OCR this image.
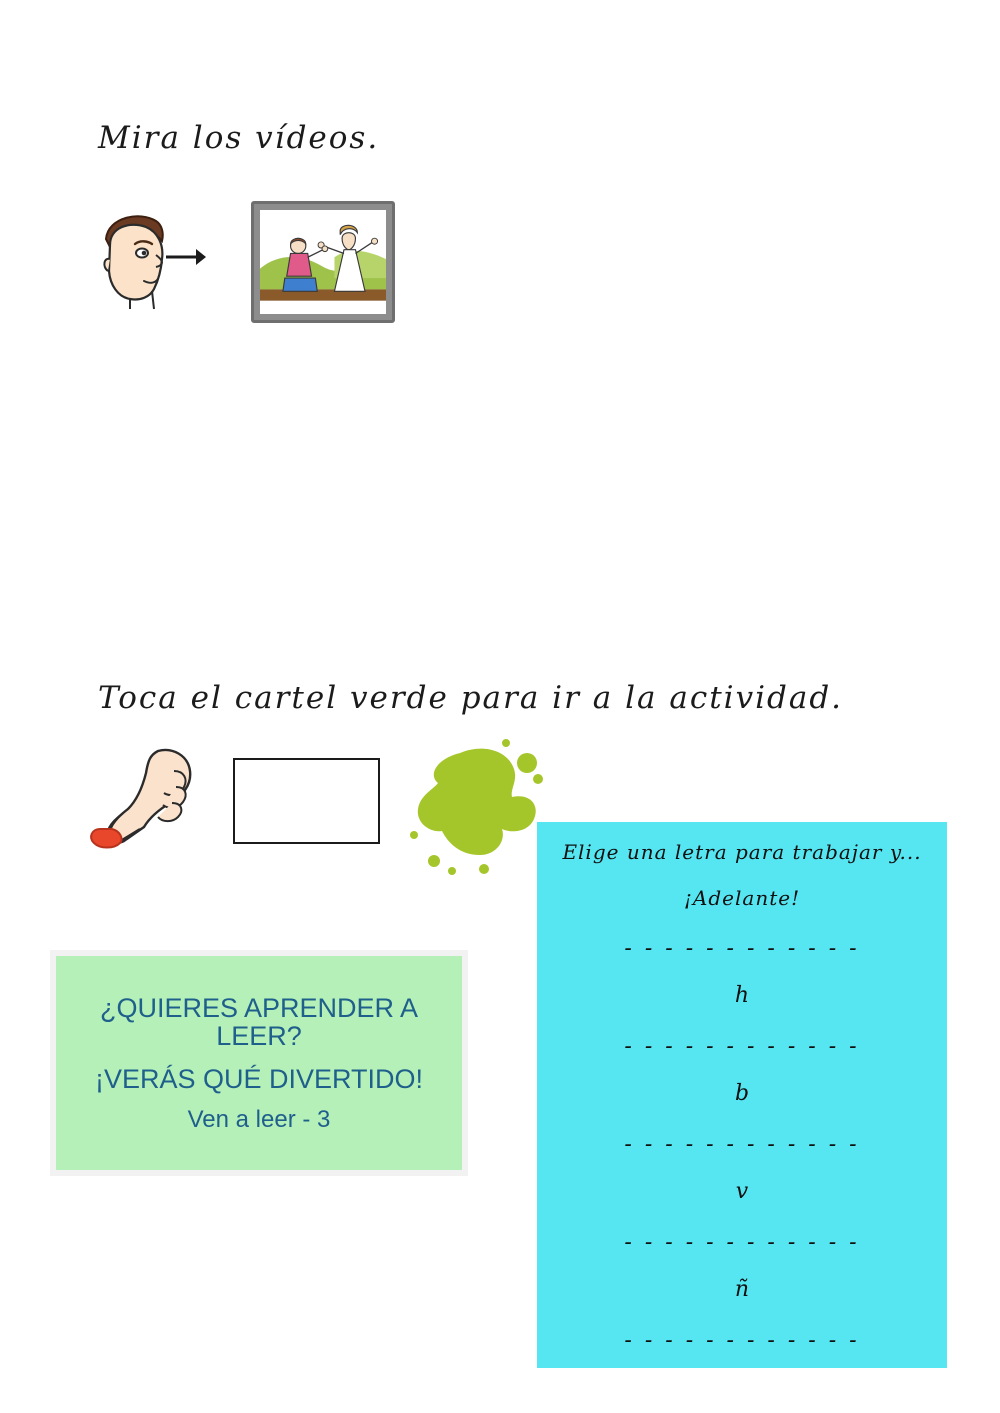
Mira los vídeos.
Toca el cartel verde para ir a la actividad.
¿QUIERES APRENDER A LEER?
¡VERÁS QUÉ DIVERTIDO!
Ven a leer - 3
Elige una letra para trabajar y...
¡Adelante!
- - - - - - - - - - - -
h
- - - - - - - - - - - -
b
- - - - - - - - - - - -
v
- - - - - - - - - - - -
ñ
- - - - - - - - - - - -
